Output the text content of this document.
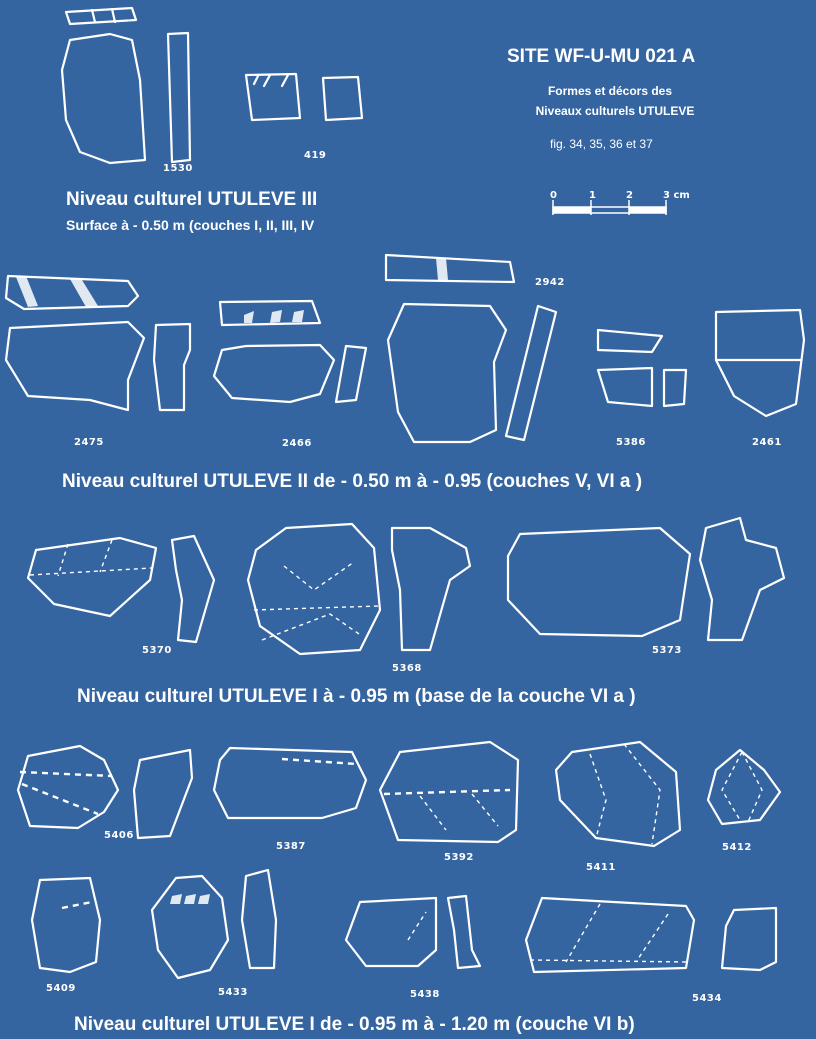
SITE WF-U-MU 021 A

Formes et décors des

Niveaux culturels UTULEVE

fig. 34, 35, 36 et 37

Niveau culturel UTULEVE III

Surface à - 0.50 m (couches I, II, III, IV

Niveau culturel UTULEVE II de - 0.50 m à - 0.95 (couches V, VI a )

Niveau culturel UTULEVE I à - 0.95 m (base de la couche VI a )

Niveau culturel UTULEVE I de - 0.95 m à - 1.20 m (couche VI b)

0	1	2	3 cm
1530
419
2475	2466
2942
5386	2461
5370
5368
5373
5406
5387
5392
5411
5412
5409	5433	5438	5434
